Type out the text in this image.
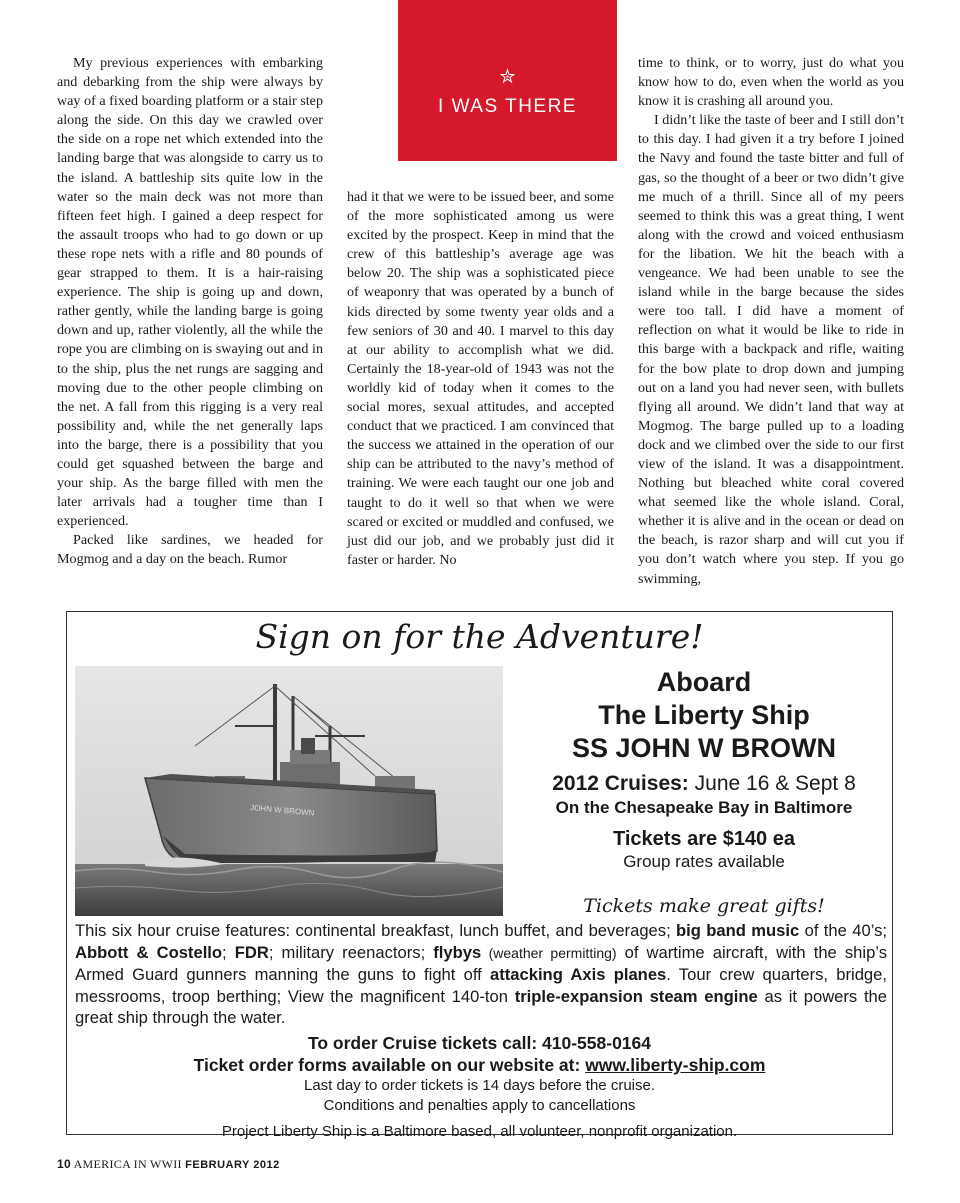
My previous experiences with embarking and debarking from the ship were always by way of a fixed boarding platform or a stair step along the side. On this day we crawled over the side on a rope net which extended into the landing barge that was alongside to carry us to the island. A battleship sits quite low in the water so the main deck was not more than fifteen feet high. I gained a deep respect for the assault troops who had to go down or up these rope nets with a rifle and 80 pounds of gear strapped to them. It is a hair-raising experience. The ship is going up and down, rather gently, while the landing barge is going down and up, rather violently, all the while the rope you are climbing on is swaying out and in to the ship, plus the net rungs are sagging and moving due to the other people climbing on the net. A fall from this rigging is a very real possibility and, while the net generally laps into the barge, there is a possibility that you could get squashed between the barge and your ship. As the barge filled with men the later arrivals had a tougher time than I experienced.

Packed like sardines, we headed for Mogmog and a day on the beach. Rumor

had it that we were to be issued beer, and some of the more sophisticated among us were excited by the prospect. Keep in mind that the crew of this battleship’s average age was below 20. The ship was a sophisticated piece of weaponry that was operated by a bunch of kids directed by some twenty year olds and a few seniors of 30 and 40. I marvel to this day at our ability to accomplish what we did. Certainly the 18-year-old of 1943 was not the worldly kid of today when it comes to the social mores, sexual attitudes, and accepted conduct that we practiced. I am convinced that the success we attained in the operation of our ship can be attributed to the navy’s method of training. We were each taught our one job and taught to do it well so that when we were scared or excited or muddled and confused, we just did our job, and we probably just did it faster or harder. No

time to think, or to worry, just do what you know how to do, even when the world as you know it is crashing all around you.

I didn’t like the taste of beer and I still don’t to this day. I had given it a try before I joined the Navy and found the taste bitter and full of gas, so the thought of a beer or two didn’t give me much of a thrill. Since all of my peers seemed to think this was a great thing, I went along with the crowd and voiced enthusiasm for the libation. We hit the beach with a vengeance. We had been unable to see the island while in the barge because the sides were too tall. I did have a moment of reflection on what it would be like to ride in this barge with a backpack and rifle, waiting for the bow plate to drop down and jumping out on a land you had never seen, with bullets flying all around. We didn’t land that way at Mogmog. The barge pulled up to a loading dock and we climbed over the side to our first view of the island. It was a disappointment. Nothing but bleached white coral covered what seemed like the whole island. Coral, whether it is alive and in the ocean or dead on the beach, is razor sharp and will cut you if you don’t watch where you step. If you go swimming,

✮
I WAS THERE
Sign on for the Adventure!
JOHN W BROWN
Aboard
The Liberty Ship
SS JOHN W BROWN
2012 Cruises: June 16 & Sept 8
On the Chesapeake Bay in Baltimore
Tickets are $140 ea
Group rates available
Tickets make great gifts!
This six hour cruise features: continental breakfast, lunch buffet, and beverages; big band music of the 40’s; Abbott & Costello; FDR; military reenactors; flybys (weather permitting) of wartime aircraft, with the ship’s Armed Guard gunners manning the guns to fight off attacking Axis planes. Tour crew quarters, bridge, messrooms, troop berthing; View the magnificent 140-ton triple-expansion steam engine as it powers the great ship through the water.
To order Cruise tickets call: 410-558-0164
Ticket order forms available on our website at: www.liberty-ship.com
Last day to order tickets is 14 days before the cruise.
Conditions and penalties apply to cancellations
Project Liberty Ship is a Baltimore based, all volunteer, nonprofit organization.
10 AMERICA IN WWII FEBRUARY 2012
